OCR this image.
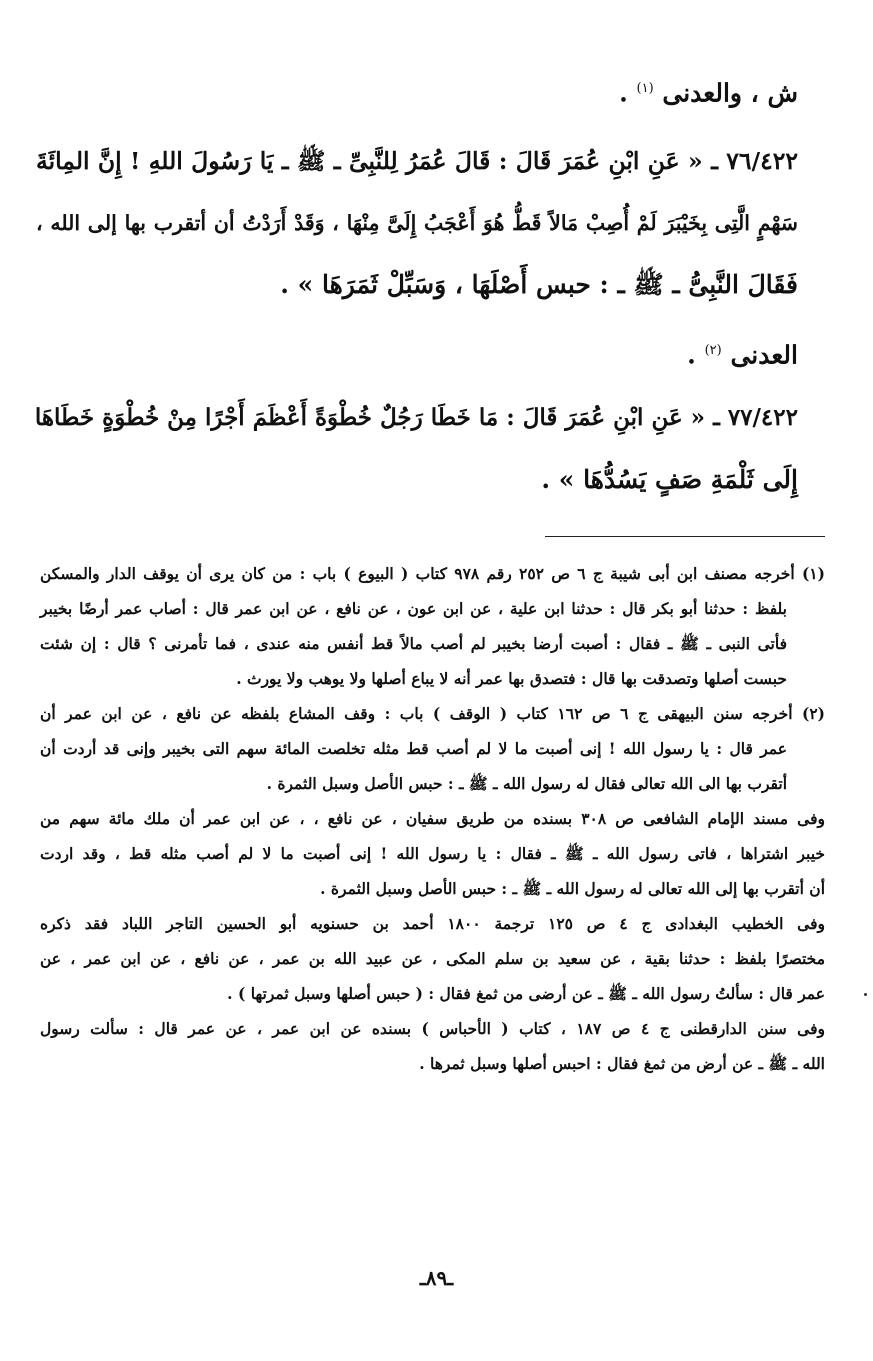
ش ، والعدنى $^{(١)}$ .
٧٦/٤٢٢ ـ « عَنِ ابْنِ عُمَرَ قَالَ : قَالَ عُمَرُ لِلنَّبِىِّ ـ ﷺ ـ يَا رَسُولَ اللهِ ! إِنَّ المِائَةَ
سَهْمٍ الَّتِى بِخَيْبَرَ لَمْ أُصِبْ مَالاً قَطُّ هُوَ أَعْجَبُ إِلَىَّ مِنْهَا ، وَقَدْ أَرَدْتُ أن أتقرب بها إلى الله ،
فَقَالَ النَّبِىُّ ـ ﷺ ـ : حبس أَصْلَهَا ، وَسَبِّلْ ثَمَرَهَا » .
العدنى $^{(٢)}$ .
٧٧/٤٢٢ ـ « عَنِ ابْنِ عُمَرَ قَالَ : مَا خَطَا رَجُلٌ خُطْوَةً أَعْظَمَ أَجْرًا مِنْ خُطْوَةٍ خَطَاهَا
إِلَى ثَلْمَةِ صَفٍ يَسُدُّهَا » .
(١) أخرجه مصنف ابن أبى شيبة ج ٦ ص ٢٥٢ رقم ٩٧٨ كتاب ( البيوع ) باب : من كان يرى أن يوقف الدار والمسكن
بلفظ : حدثنا أبو بكر قال : حدثنا ابن علية ، عن ابن عون ، عن نافع ، عن ابن عمر قال : أصاب عمر أرضًا بخيبر
فأتى النبى ـ ﷺ ـ فقال : أصبت أرضا بخيبر لم أصب مالاً قط أنفس منه عندى ، فما تأمرنى ؟ قال : إن شئت
حبست أصلها وتصدقت بها قال : فتصدق بها عمر أنه لا يباع أصلها ولا يوهب ولا يورث .
(٢) أخرجه سنن البيهقى ج ٦ ص ١٦٢ كتاب ( الوقف ) باب : وقف المشاع بلفظه عن نافع ، عن ابن عمر أن
عمر قال : يا رسول الله ! إنى أصبت ما لا لم أصب قط مثله تخلصت المائة سهم التى بخيبر وإنى قد أردت أن
أتقرب بها الى الله تعالى فقال له رسول الله ـ ﷺ ـ : حبس الأصل وسبل الثمرة .
وفى مسند الإمام الشافعى ص ٣٠٨ بسنده من طريق سفيان ، عن نافع ، ، عن ابن عمر أن ملك مائة سهم من
خيبر اشتراها ، فاتى رسول الله ـ ﷺ ـ فقال : يا رسول الله ! إنى أصبت ما لا لم أصب مثله قط ، وقد اردت
أن أتقرب بها إلى الله تعالى له رسول الله ـ ﷺ ـ : حبس الأصل وسبل الثمرة .
وفى الخطيب البغدادى ج ٤ ص ١٢٥ ترجمة ١٨٠٠ أحمد بن حسنويه أبو الحسين التاجر اللباد فقد ذكره
مختصرًا بلفظ : حدثنا بقية ، عن سعيد بن سلم المكى ، عن عبيد الله بن عمر ، عن نافع ، عن ابن عمر ، عن
عمر قال : سألتُ رسول الله ـ ﷺ ـ عن أرضى من ثمغ فقال : ( حبس أصلها وسبل ثمرتها ) .
وفى سنن الدارقطنى ج ٤ ص ١٨٧ ، كتاب ( الأحباس ) بسنده عن ابن عمر ، عن عمر قال : سألت رسول
الله ـ ﷺ ـ عن أرض من ثمغ فقال : احبس أصلها وسبل ثمرها .
ـ٨٩ـ
